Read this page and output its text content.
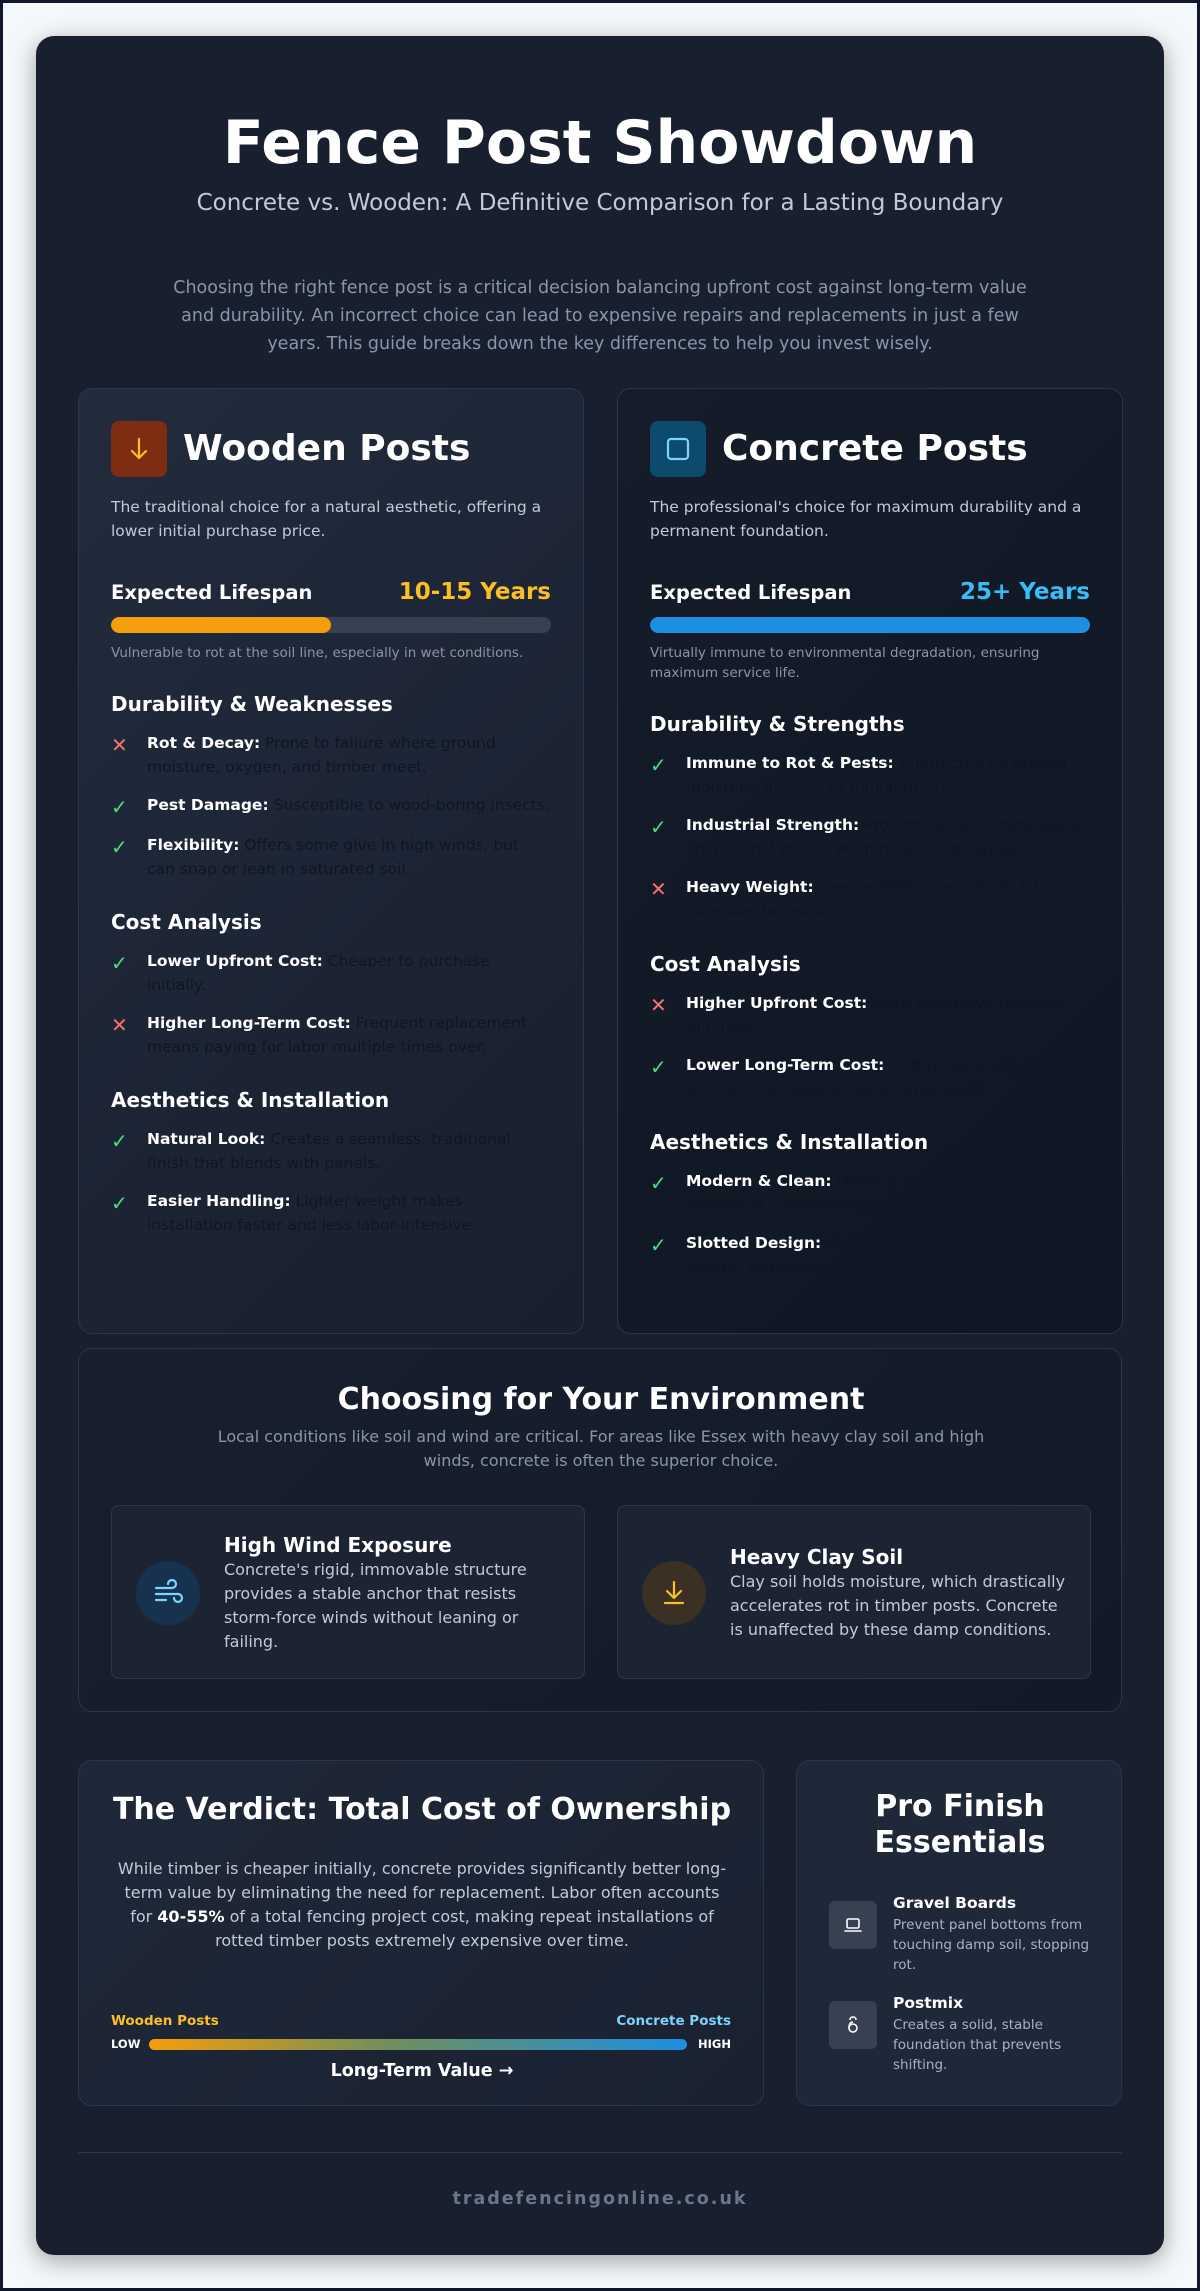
Fence Post Showdown
Concrete vs. Wooden: A Definitive Comparison for a Lasting Boundary

Choosing the right fence post is a critical decision balancing upfront cost against long-term value and durability. An incorrect choice can lead to expensive repairs and replacements in just a few years. This guide breaks down the key differences to help you invest wisely.

Wooden Posts

The traditional choice for a natural aesthetic, offering a lower initial purchase price.

Expected Lifespan	10-15 Years

Vulnerable to rot at the soil line, especially in wet conditions.

Durability & Weaknesses
✕	Rot & Decay: Prone to failure where ground moisture, oxygen, and timber meet.
✓	Pest Damage: Susceptible to wood-boring insects.
✓	Flexibility: Offers some give in high winds, but can snap or lean in saturated soil.
Cost Analysis
✓	Lower Upfront Cost: Cheaper to purchase initially.
✕	Higher Long-Term Cost: Frequent replacement means paying for labor multiple times over.
Aesthetics & Installation
✓	Natural Look: Creates a seamless, traditional finish that blends with panels.
✓	Easier Handling: Lighter weight makes installation faster and less labor-intensive.
Concrete Posts

The professional's choice for maximum durability and a permanent foundation.

Expected Lifespan	25+ Years

Virtually immune to environmental degradation, ensuring maximum service life.

Durability & Strengths
✓	Immune to Rot & Pests: Unaffected by ground moisture, insects, or fungal decay.
✓	Industrial Strength: Provides a rigid, immovable anchor that resists warping and high winds.
✕	Heavy Weight: Can be difficult and more labor-intensive to install.
Cost Analysis
✕	Higher Upfront Cost: More expensive material purchase.
✓	Lower Long-Term Cost: A "buy once, cry once" solution that avoids repeat labor costs.
Aesthetics & Installation
✓	Modern & Clean: Offers a utilitarian, sharp line popular in contemporary designs.
✓	Slotted Design: Simplifies panel installation for a secure, rattle-free fit.
Choosing for Your Environment

Local conditions like soil and wind are critical. For areas like Essex with heavy clay soil and high winds, concrete is often the superior choice.

High Wind Exposure

Concrete's rigid, immovable structure provides a stable anchor that resists storm-force winds without leaning or failing.

Heavy Clay Soil

Clay soil holds moisture, which drastically accelerates rot in timber posts. Concrete is unaffected by these damp conditions.

The Verdict: Total Cost of Ownership

While timber is cheaper initially, concrete provides significantly better long-term value by eliminating the need for replacement. Labor often accounts for 40-55% of a total fencing project cost, making repeat installations of rotted timber posts extremely expensive over time.

Wooden Posts	Concrete Posts
LOW	HIGH
Long-Term Value →
Pro Finish Essentials
Gravel Boards
Prevent panel bottoms from touching damp soil, stopping rot.
Postmix
Creates a solid, stable foundation that prevents shifting.
tradefencingonline.co.uk
